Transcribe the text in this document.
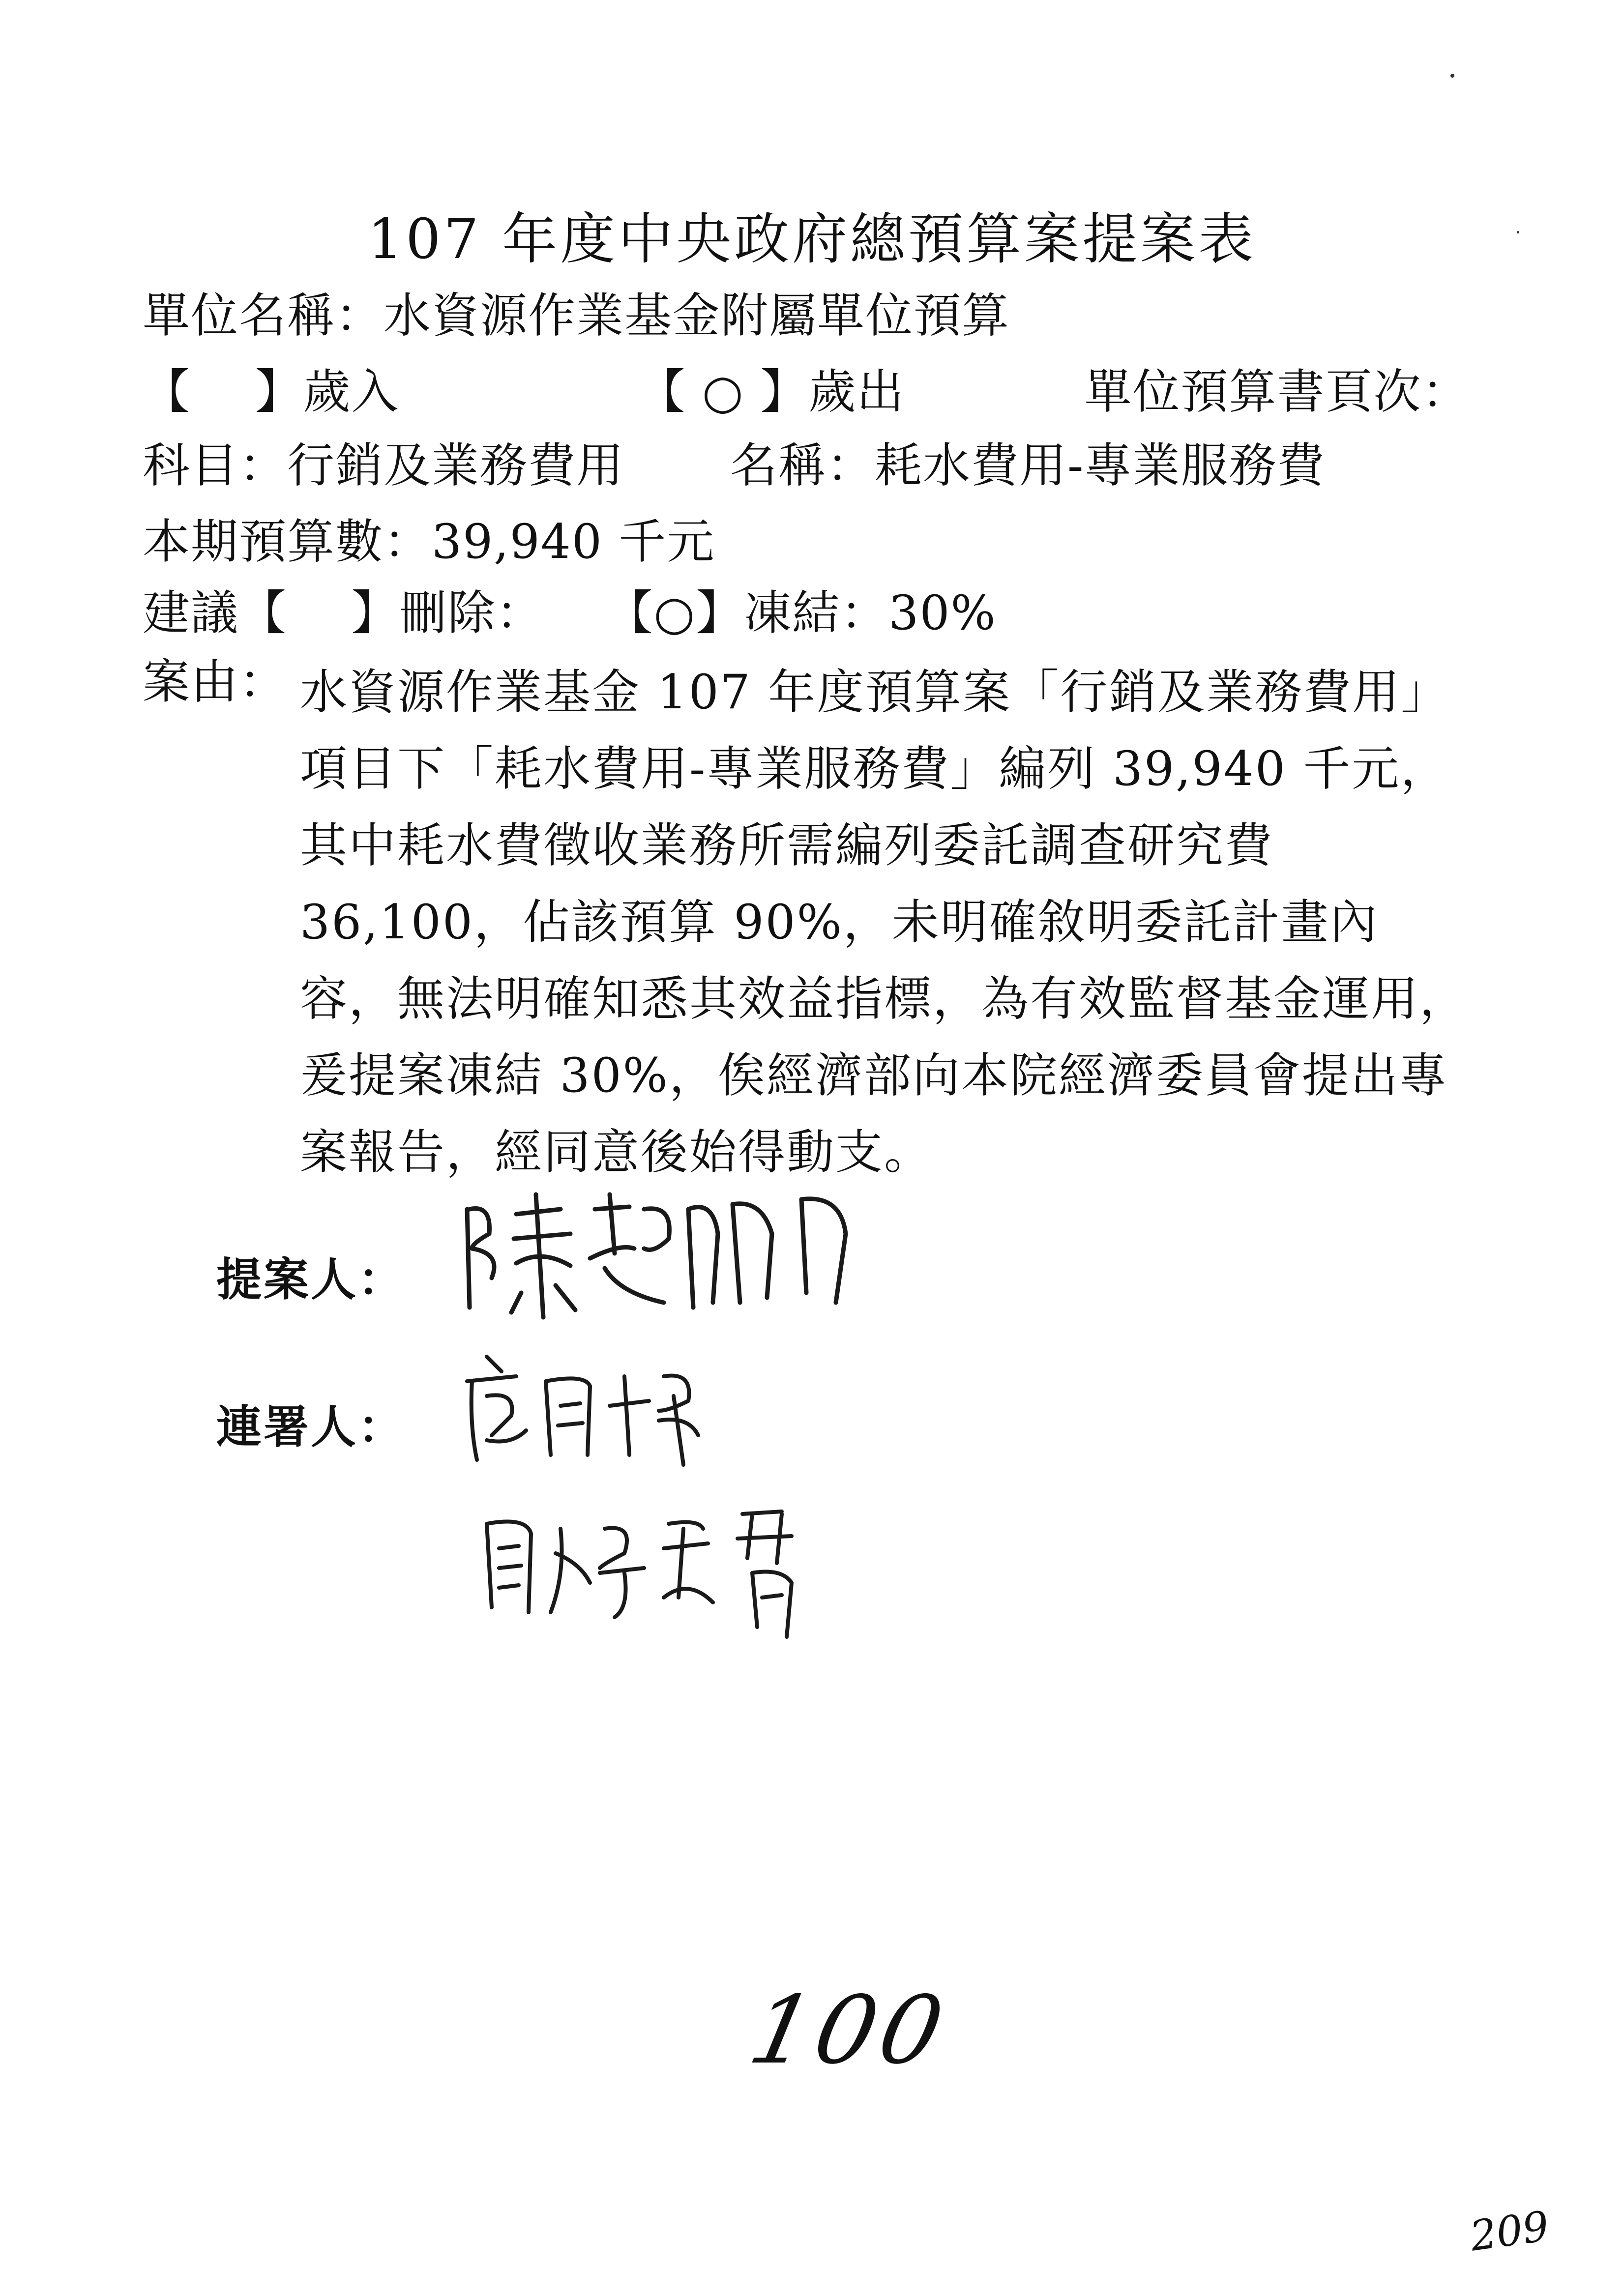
107 年度中央政府總預算案提案表
單位名稱：水資源作業基金附屬單位預算
【　 】歲入	【 ○ 】歲出	單位預算書頁次：
科目：行銷及業務費用 名稱：耗水費用-專業服務費
本期預算數：39,940 千元
建議【　 】刪除： 【○】凍結：30%
案由： 水資源作業基金 107 年度預算案「行銷及業務費用」項目下「耗水費用-專業服務費」編列 39,940 千元，其中耗水費徵收業務所需編列委託調查研究費 36,100，佔該預算 90%，未明確敘明委託計畫內容，無法明確知悉其效益指標，為有效監督基金運用，爰提案凍結 30%，俟經濟部向本院經濟委員會提出專案報告，經同意後始得動支。
提案人：
連署人：
100
209
